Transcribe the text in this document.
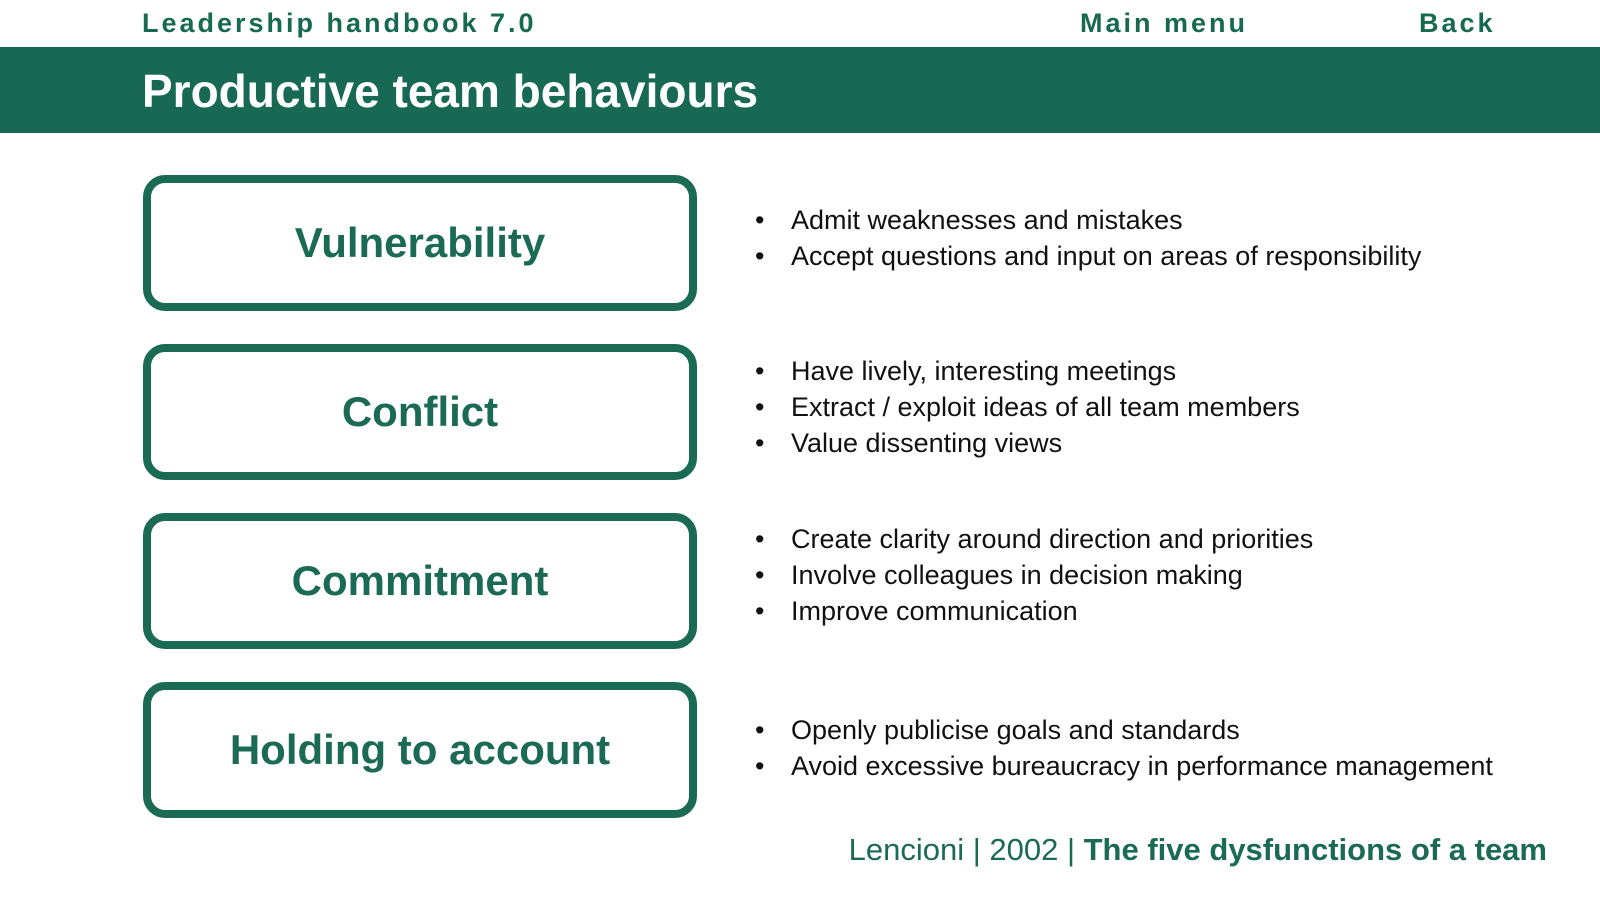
Leadership handbook 7.0	Main menu	Back
Productive team behaviours
Vulnerability	• Admit weaknesses and mistakes
• Accept questions and input on areas of responsibility
Conflict
• Have lively, interesting meetings
• Extract / exploit ideas of all team members
• Value dissenting views
Commitment
• Create clarity around direction and priorities
• Involve colleagues in decision making
• Improve communication
Holding to account	• Openly publicise goals and standards
• Avoid excessive bureaucracy in performance management
Lencioni | 2002 | The five dysfunctions of a team
